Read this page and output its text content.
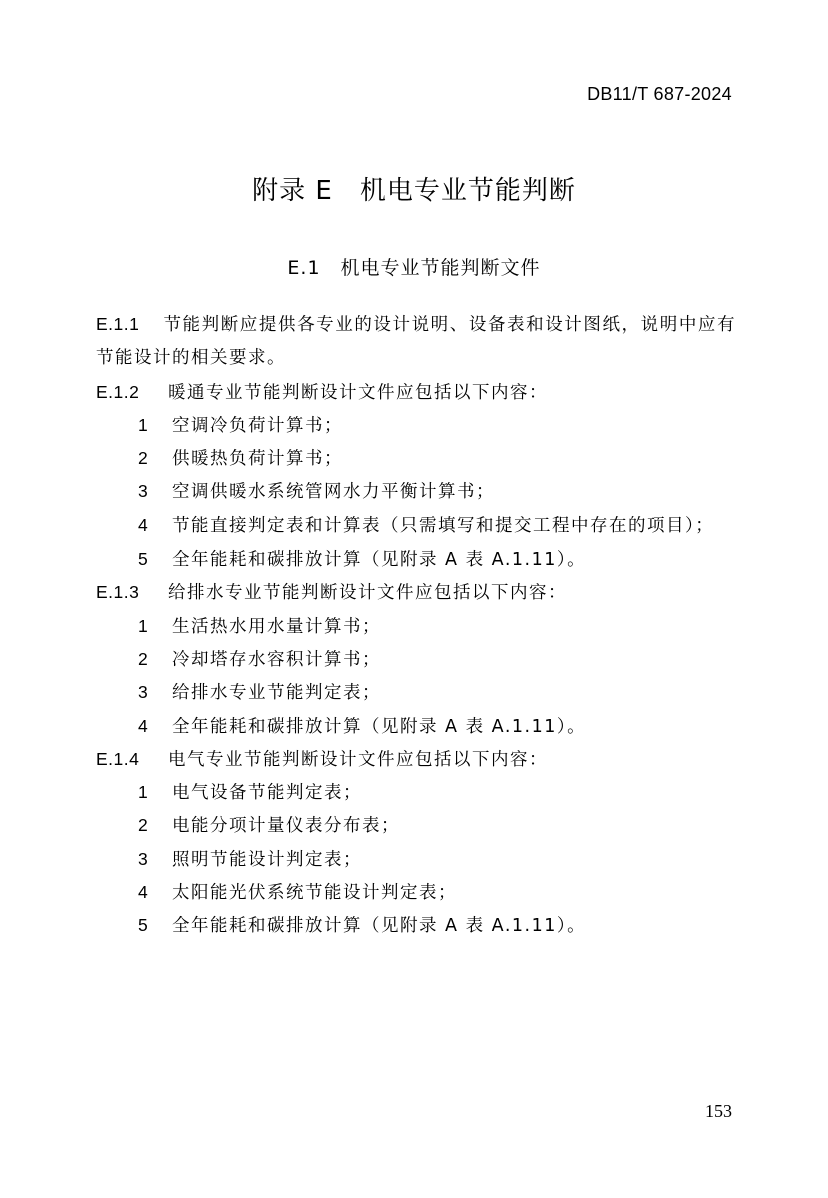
DB11/T 687-2024
附录 E　机电专业节能判断
E.1　机电专业节能判断文件
E.1.1 节能判断应提供各专业的设计说明、设备表和设计图纸，说明中应有节能设计的相关要求。
E.1.2 暖通专业节能判断设计文件应包括以下内容：
1 空调冷负荷计算书；
2 供暖热负荷计算书；
3 空调供暖水系统管网水力平衡计算书；
4 节能直接判定表和计算表（只需填写和提交工程中存在的项目）；
5 全年能耗和碳排放计算（见附录 A 表 A.1.11）。
E.1.3 给排水专业节能判断设计文件应包括以下内容：
1 生活热水用水量计算书；
2 冷却塔存水容积计算书；
3 给排水专业节能判定表；
4 全年能耗和碳排放计算（见附录 A 表 A.1.11）。
E.1.4 电气专业节能判断设计文件应包括以下内容：
1 电气设备节能判定表；
2 电能分项计量仪表分布表；
3 照明节能设计判定表；
4 太阳能光伏系统节能设计判定表；
5 全年能耗和碳排放计算（见附录 A 表 A.1.11）。
153
